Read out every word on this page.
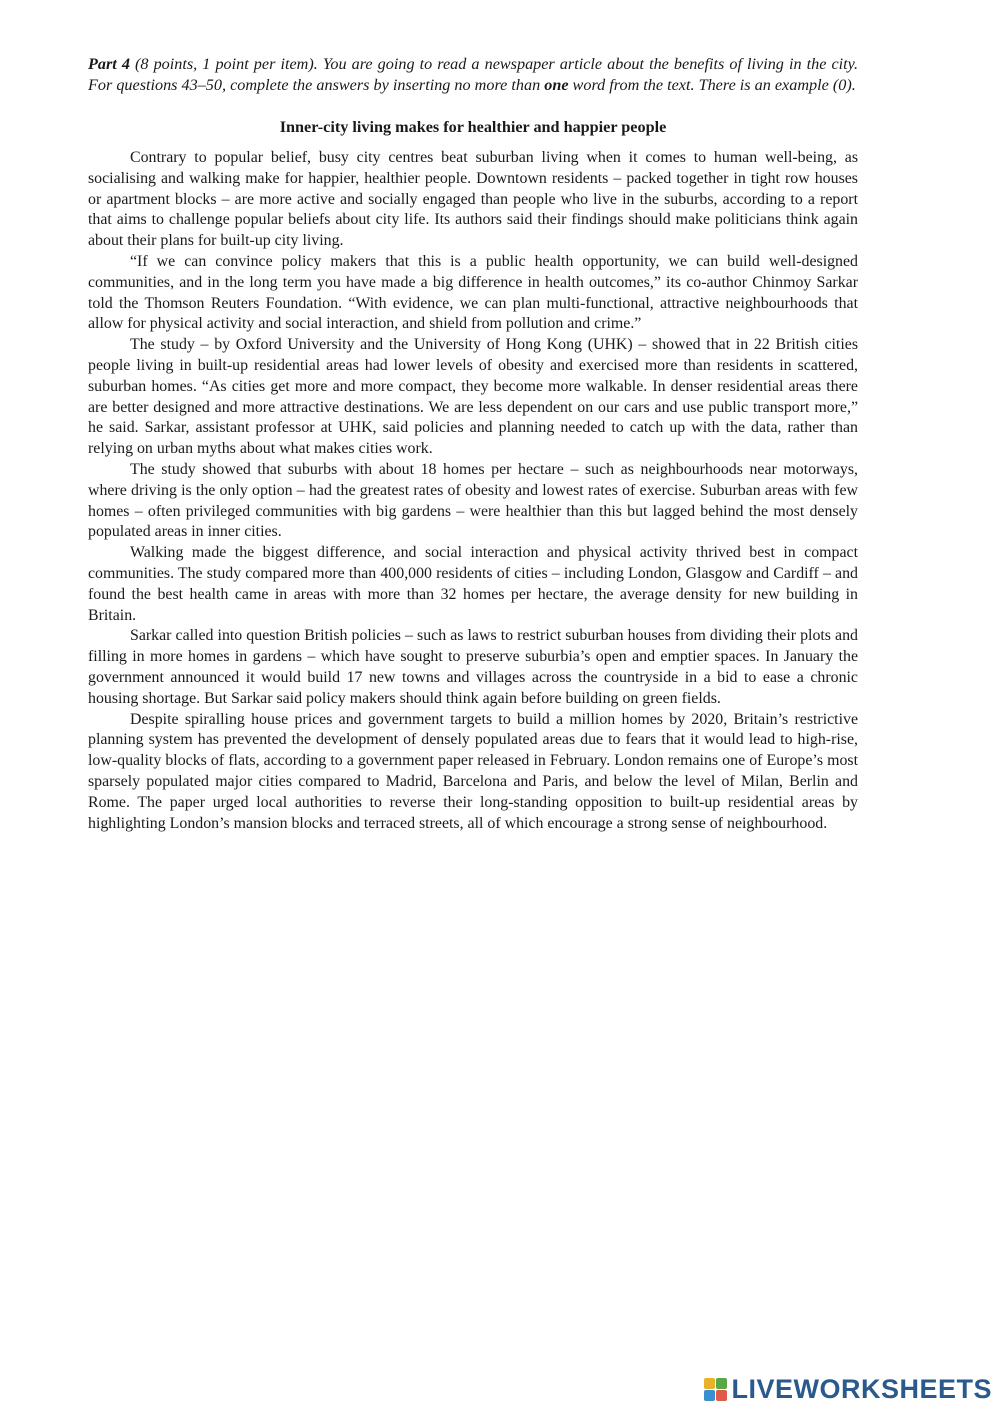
Part 4 (8 points, 1 point per item). You are going to read a newspaper article about the benefits of living in the city. For questions 43–50, complete the answers by inserting no more than one word from the text. There is an example (0).

Inner-city living makes for healthier and happier people

Contrary to popular belief, busy city centres beat suburban living when it comes to human well-being, as socialising and walking make for happier, healthier people. Downtown residents – packed together in tight row houses or apartment blocks – are more active and socially engaged than people who live in the suburbs, according to a report that aims to challenge popular beliefs about city life. Its authors said their findings should make politicians think again about their plans for built-up city living.

“If we can convince policy makers that this is a public health opportunity, we can build well-designed communities, and in the long term you have made a big difference in health outcomes,” its co-author Chinmoy Sarkar told the Thomson Reuters Foundation. “With evidence, we can plan multi-functional, attractive neighbourhoods that allow for physical activity and social interaction, and shield from pollution and crime.”

The study – by Oxford University and the University of Hong Kong (UHK) – showed that in 22 British cities people living in built-up residential areas had lower levels of obesity and exercised more than residents in scattered, suburban homes. “As cities get more and more compact, they become more walkable. In denser residential areas there are better designed and more attractive destinations. We are less dependent on our cars and use public transport more,” he said. Sarkar, assistant professor at UHK, said policies and planning needed to catch up with the data, rather than relying on urban myths about what makes cities work.

The study showed that suburbs with about 18 homes per hectare – such as neighbourhoods near motorways, where driving is the only option – had the greatest rates of obesity and lowest rates of exercise. Suburban areas with few homes – often privileged communities with big gardens – were healthier than this but lagged behind the most densely populated areas in inner cities.

Walking made the biggest difference, and social interaction and physical activity thrived best in compact communities. The study compared more than 400,000 residents of cities – including London, Glasgow and Cardiff – and found the best health came in areas with more than 32 homes per hectare, the average density for new building in Britain.

Sarkar called into question British policies – such as laws to restrict suburban houses from dividing their plots and filling in more homes in gardens – which have sought to preserve suburbia’s open and emptier spaces. In January the government announced it would build 17 new towns and villages across the countryside in a bid to ease a chronic housing shortage. But Sarkar said policy makers should think again before building on green fields.

Despite spiralling house prices and government targets to build a million homes by 2020, Britain’s restrictive planning system has prevented the development of densely populated areas due to fears that it would lead to high-rise, low-quality blocks of flats, according to a government paper released in February. London remains one of Europe’s most sparsely populated major cities compared to Madrid, Barcelona and Paris, and below the level of Milan, Berlin and Rome. The paper urged local authorities to reverse their long-standing opposition to built-up residential areas by highlighting London’s mansion blocks and terraced streets, all of which encourage a strong sense of neighbourhood.

LIVEWORKSHEETS
